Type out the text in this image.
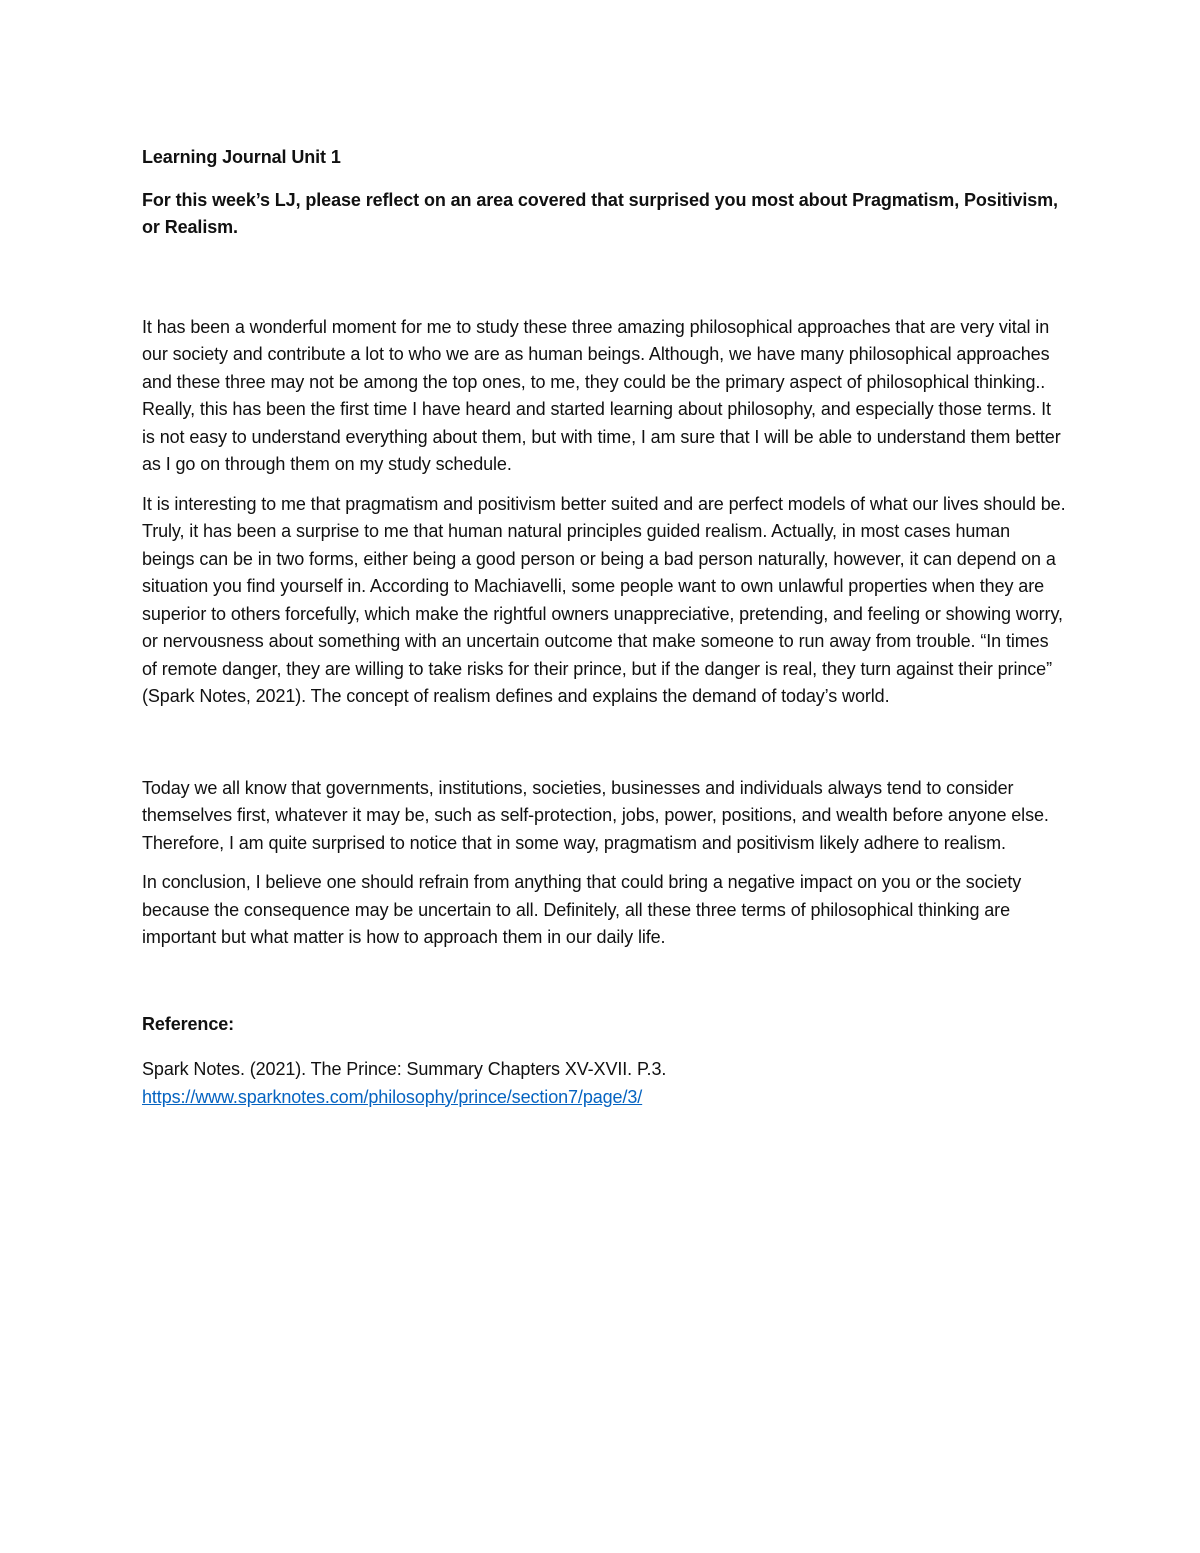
Learning Journal Unit 1

For this week’s LJ, please reflect on an area covered that surprised you most about Pragmatism, Positivism, or Realism.

It has been a wonderful moment for me to study these three amazing philosophical approaches that are very vital in our society and contribute a lot to who we are as human beings. Although, we have many philosophical approaches and these three may not be among the top ones, to me, they could be the primary aspect of philosophical thinking.. Really, this has been the first time I have heard and started learning about philosophy, and especially those terms. It is not easy to understand everything about them, but with time, I am sure that I will be able to understand them better as I go on through them on my study schedule.

It is interesting to me that pragmatism and positivism better suited and are perfect models of what our lives should be. Truly, it has been a surprise to me that human natural principles guided realism. Actually, in most cases human beings can be in two forms, either being a good person or being a bad person naturally, however, it can depend on a situation you find yourself in. According to Machiavelli, some people want to own unlawful properties when they are superior to others forcefully, which make the rightful owners unappreciative, pretending, and feeling or showing worry, or nervousness about something with an uncertain outcome that make someone to run away from trouble. “In times of remote danger, they are willing to take risks for their prince, but if the danger is real, they turn against their prince” (Spark Notes, 2021). The concept of realism defines and explains the demand of today’s world.

Today we all know that governments, institutions, societies, businesses and individuals always tend to consider themselves first, whatever it may be, such as self-protection, jobs, power, positions, and wealth before anyone else. Therefore, I am quite surprised to notice that in some way, pragmatism and positivism likely adhere to realism.

In conclusion, I believe one should refrain from anything that could bring a negative impact on you or the society because the consequence may be uncertain to all. Definitely, all these three terms of philosophical thinking are important but what matter is how to approach them in our daily life.

Reference:

Spark Notes. (2021). The Prince: Summary Chapters XV-XVII. P.3.
https://www.sparknotes.com/philosophy/prince/section7/page/3/
